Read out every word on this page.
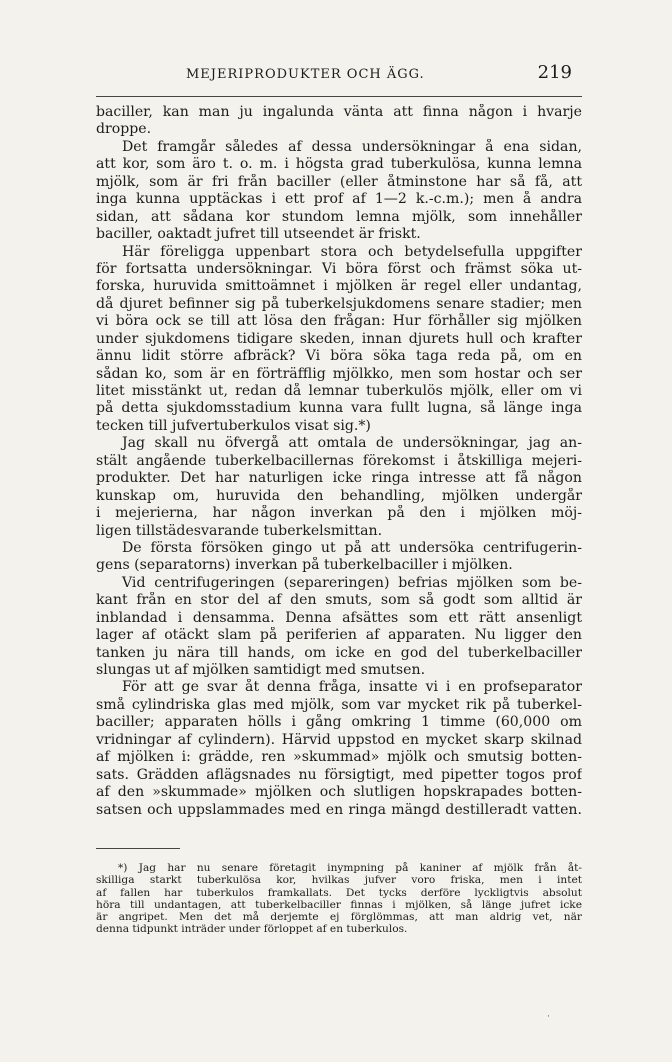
MEJERIPRODUKTER OCH ÄGG.	219
baciller, kan man ju ingalunda vänta att finna någon i hvarje
droppe.
Det framgår således af dessa undersökningar å ena sidan,
att kor, som äro t. o. m. i högsta grad tuberkulösa, kunna lemna
mjölk, som är fri från baciller (eller åtminstone har så få, att
inga kunna upptäckas i ett prof af 1—2 k.-c.m.); men å andra
sidan, att sådana kor stundom lemna mjölk, som innehåller
baciller, oaktadt jufret till utseendet är friskt.
Här föreligga uppenbart stora och betydelsefulla uppgifter
för fortsatta undersökningar. Vi böra först och främst söka ut-
forska, huruvida smittoämnet i mjölken är regel eller undantag,
då djuret befinner sig på tuberkelsjukdomens senare stadier; men
vi böra ock se till att lösa den frågan: Hur förhåller sig mjölken
under sjukdomens tidigare skeden, innan djurets hull och krafter
ännu lidit större afbräck? Vi böra söka taga reda på, om en
sådan ko, som är en förträfflig mjölkko, men som hostar och ser
litet misstänkt ut, redan då lemnar tuberkulös mjölk, eller om vi
på detta sjukdomsstadium kunna vara fullt lugna, så länge inga
tecken till jufvertuberkulos visat sig.*)
Jag skall nu öfvergå att omtala de undersökningar, jag an-
stält angående tuberkelbacillernas förekomst i åtskilliga mejeri-
produkter. Det har naturligen icke ringa intresse att få någon
kunskap om, huruvida den behandling, mjölken undergår
i mejerierna, har någon inverkan på den i mjölken möj-
ligen tillstädesvarande tuberkelsmittan.
De första försöken gingo ut på att undersöka centrifugerin-
gens (separatorns) inverkan på tuberkelbaciller i mjölken.
Vid centrifugeringen (separeringen) befrias mjölken som be-
kant från en stor del af den smuts, som så godt som alltid är
inblandad i densamma. Denna afsättes som ett rätt ansenligt
lager af otäckt slam på periferien af apparaten. Nu ligger den
tanken ju nära till hands, om icke en god del tuberkelbaciller
slungas ut af mjölken samtidigt med smutsen.
För att ge svar åt denna fråga, insatte vi i en profseparator
små cylindriska glas med mjölk, som var mycket rik på tuberkel-
baciller; apparaten hölls i gång omkring 1 timme (60,000 om
vridningar af cylindern). Härvid uppstod en mycket skarp skilnad
af mjölken i: grädde, ren »skummad» mjölk och smutsig botten-
sats. Grädden aflägsnades nu försigtigt, med pipetter togos prof
af den »skummade» mjölken och slutligen hopskrapades botten-
satsen och uppslammades med en ringa mängd destilleradt vatten.
*) Jag har nu senare företagit inympning på kaniner af mjölk från åt-
skilliga starkt tuberkulösa kor, hvilkas jufver voro friska, men i intet
af fallen har tuberkulos framkallats. Det tycks derföre lyckligtvis absolut
höra till undantagen, att tuberkelbaciller finnas i mjölken, så länge jufret icke
är angripet. Men det må derjemte ej förglömmas, att man aldrig vet, när
denna tidpunkt inträder under förloppet af en tuberkulos.
·
